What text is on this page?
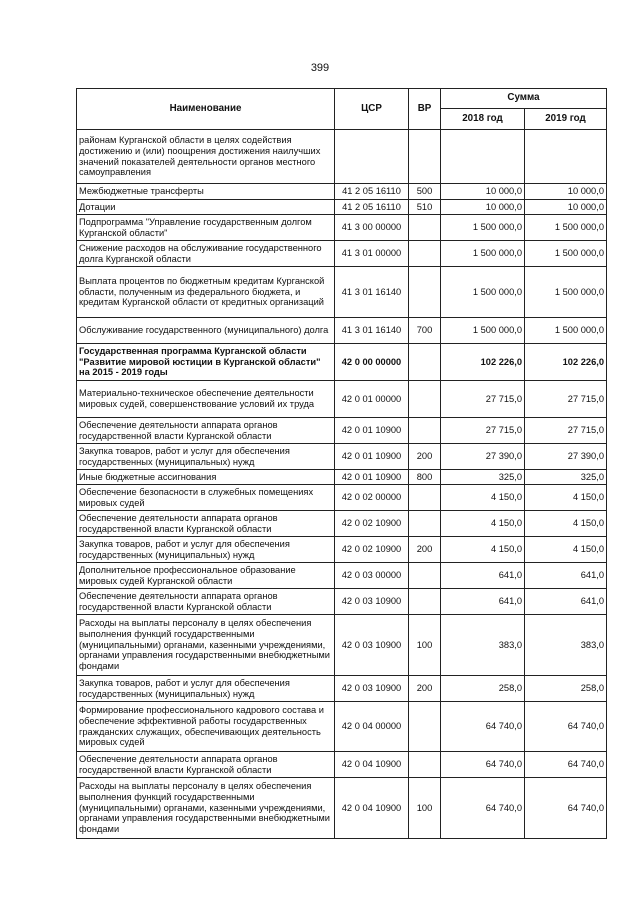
399
Наименование	ЦСР	ВР	Сумма	
			2018 год	2019 год
районам Курганской области в целях содействия достижению и (или) поощрения достижения наилучших значений показателей деятельности органов местного самоуправления				
Межбюджетные трансферты	41 2 05 16110	500	10 000,0	10 000,0
Дотации	41 2 05 16110	510	10 000,0	10 000,0
Подпрограмма "Управление государственным долгом Курганской области"	41 3 00 00000		1 500 000,0	1 500 000,0
Снижение расходов на обслуживание государственного долга Курганской области	41 3 01 00000		1 500 000,0	1 500 000,0
Выплата процентов по бюджетным кредитам Курганской области, полученным из федерального бюджета, и кредитам Курганской области от кредитных организаций	41 3 01 16140		1 500 000,0	1 500 000,0
Обслуживание государственного (муниципального) долга	41 3 01 16140	700	1 500 000,0	1 500 000,0
Государственная программа Курганской области "Развитие мировой юстиции в Курганской области" на 2015 - 2019 годы	42 0 00 00000		102 226,0	102 226,0
Материально-техническое обеспечение деятельности мировых судей, совершенствование условий их труда	42 0 01 00000		27 715,0	27 715,0
Обеспечение деятельности аппарата органов государственной власти Курганской области	42 0 01 10900		27 715,0	27 715,0
Закупка товаров, работ и услуг для обеспечения государственных (муниципальных) нужд	42 0 01 10900	200	27 390,0	27 390,0
Иные бюджетные ассигнования	42 0 01 10900	800	325,0	325,0
Обеспечение безопасности в служебных помещениях мировых судей	42 0 02 00000		4 150,0	4 150,0
Обеспечение деятельности аппарата органов государственной власти Курганской области	42 0 02 10900		4 150,0	4 150,0
Закупка товаров, работ и услуг для обеспечения государственных (муниципальных) нужд	42 0 02 10900	200	4 150,0	4 150,0
Дополнительное профессиональное образование мировых судей Курганской области	42 0 03 00000		641,0	641,0
Обеспечение деятельности аппарата органов государственной власти Курганской области	42 0 03 10900		641,0	641,0
Расходы на выплаты персоналу в целях обеспечения выполнения функций государственными (муниципальными) органами, казенными учреждениями, органами управления государственными внебюджетными фондами	42 0 03 10900	100	383,0	383,0
Закупка товаров, работ и услуг для обеспечения государственных (муниципальных) нужд	42 0 03 10900	200	258,0	258,0
Формирование профессионального кадрового состава и обеспечение эффективной работы государственных гражданских служащих, обеспечивающих деятельность мировых судей	42 0 04 00000		64 740,0	64 740,0
Обеспечение деятельности аппарата органов государственной власти Курганской области	42 0 04 10900		64 740,0	64 740,0
Расходы на выплаты персоналу в целях обеспечения выполнения функций государственными (муниципальными) органами, казенными учреждениями, органами управления государственными внебюджетными фондами	42 0 04 10900	100	64 740,0	64 740,0
